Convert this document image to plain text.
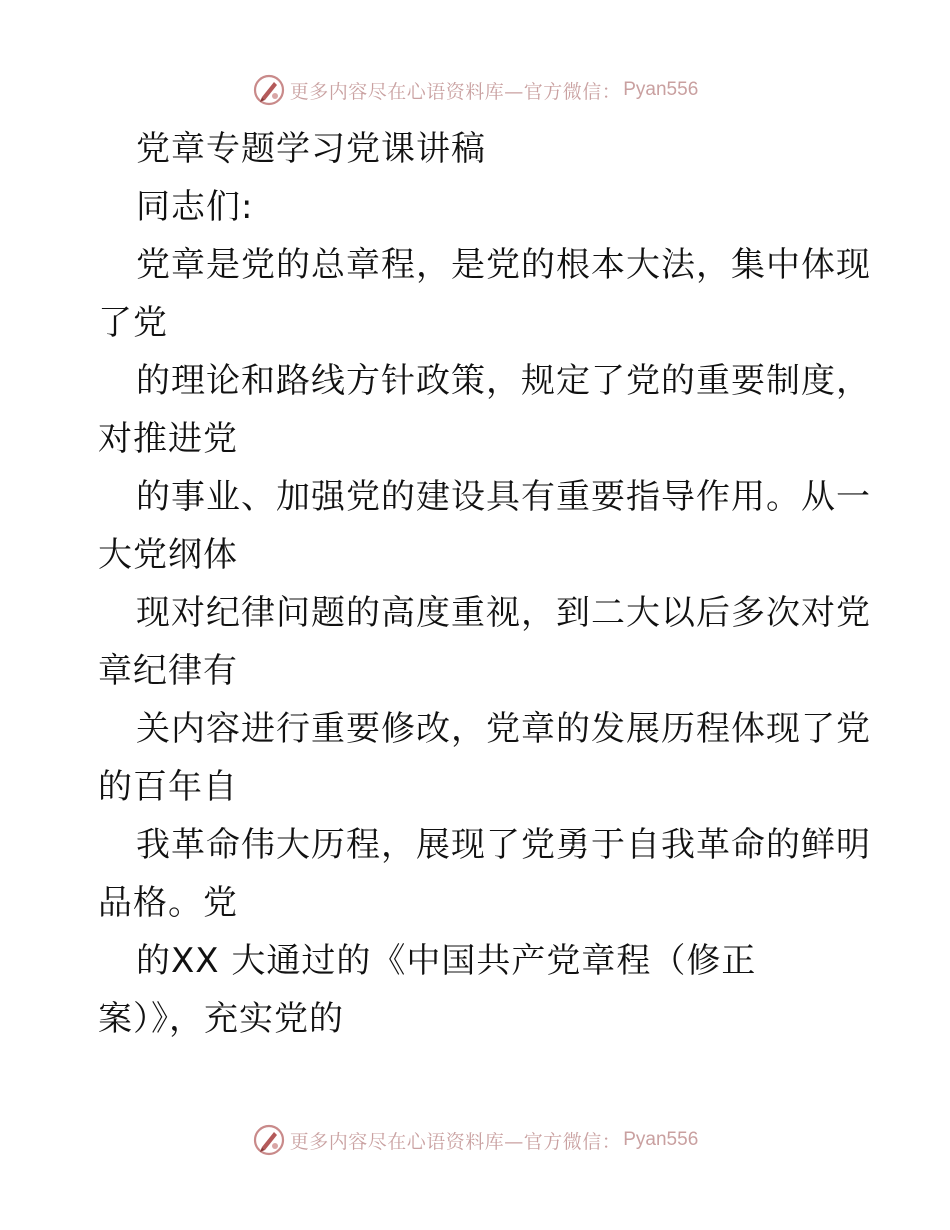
更多内容尽在心语资料库—官方微信： Pyan556
党章专题学习党课讲稿
同志们:
党章是党的总章程，是党的根本大法，集中体现
了党
的理论和路线方针政策，规定了党的重要制度，
对推进党
的事业、加强党的建设具有重要指导作用。从一
大党纲体
现对纪律问题的高度重视，到二大以后多次对党
章纪律有
关内容进行重要修改，党章的发展历程体现了党
的百年自
我革命伟大历程，展现了党勇于自我革命的鲜明
品格。党
的XX 大通过的《中国共产党章程（修正
案）》，充实党的
更多内容尽在心语资料库—官方微信： Pyan556
